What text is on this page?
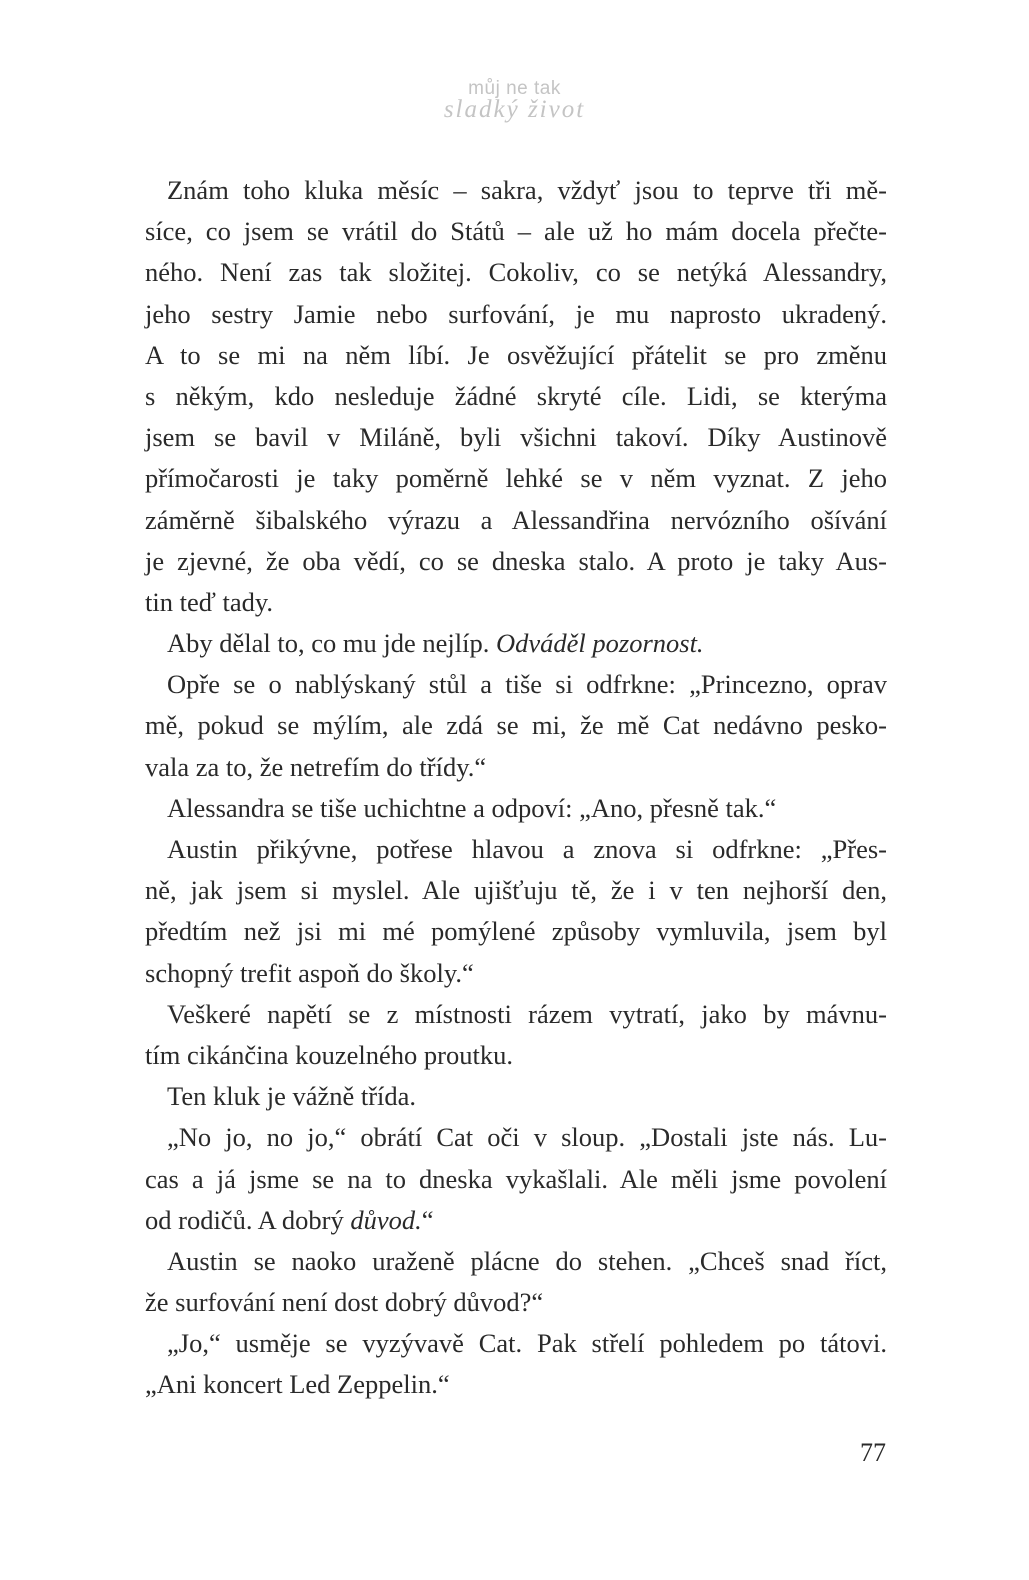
můj ne tak
sladký život
Znám toho kluka měsíc – sakra, vždyť jsou to teprve tři mě-
síce, co jsem se vrátil do Států – ale už ho mám docela přečte-
ného. Není zas tak složitej. Cokoliv, co se netýká Alessandry,
jeho sestry Jamie nebo surfování, je mu naprosto ukradený.
A to se mi na něm líbí. Je osvěžující přátelit se pro změnu
s někým, kdo nesleduje žádné skryté cíle. Lidi, se kterýma
jsem se bavil v Miláně, byli všichni takoví. Díky Austinově
přímočarosti je taky poměrně lehké se v něm vyznat. Z jeho
záměrně šibalského výrazu a Alessandřina nervózního ošívání
je zjevné, že oba vědí, co se dneska stalo. A proto je taky Aus-
tin teď tady.
Aby dělal to, co mu jde nejlíp. Odváděl pozornost.
Opře se o nablýskaný stůl a tiše si odfrkne: „Princezno, oprav
mě, pokud se mýlím, ale zdá se mi, že mě Cat nedávno pesko-
vala za to, že netrefím do třídy.“
Alessandra se tiše uchichtne a odpoví: „Ano, přesně tak.“
Austin přikývne, potřese hlavou a znova si odfrkne: „Přes-
ně, jak jsem si myslel. Ale ujišťuju tě, že i v ten nejhorší den,
předtím než jsi mi mé pomýlené způsoby vymluvila, jsem byl
schopný trefit aspoň do školy.“
Veškeré napětí se z místnosti rázem vytratí, jako by mávnu-
tím cikánčina kouzelného proutku.
Ten kluk je vážně třída.
„No jo, no jo,“ obrátí Cat oči v sloup. „Dostali jste nás. Lu-
cas a já jsme se na to dneska vykašlali. Ale měli jsme povolení
od rodičů. A dobrý důvod.“
Austin se naoko uraženě plácne do stehen. „Chceš snad říct,
že surfování není dost dobrý důvod?“
„Jo,“ usměje se vyzývavě Cat. Pak střelí pohledem po tátovi.
„Ani koncert Led Zeppelin.“
77
